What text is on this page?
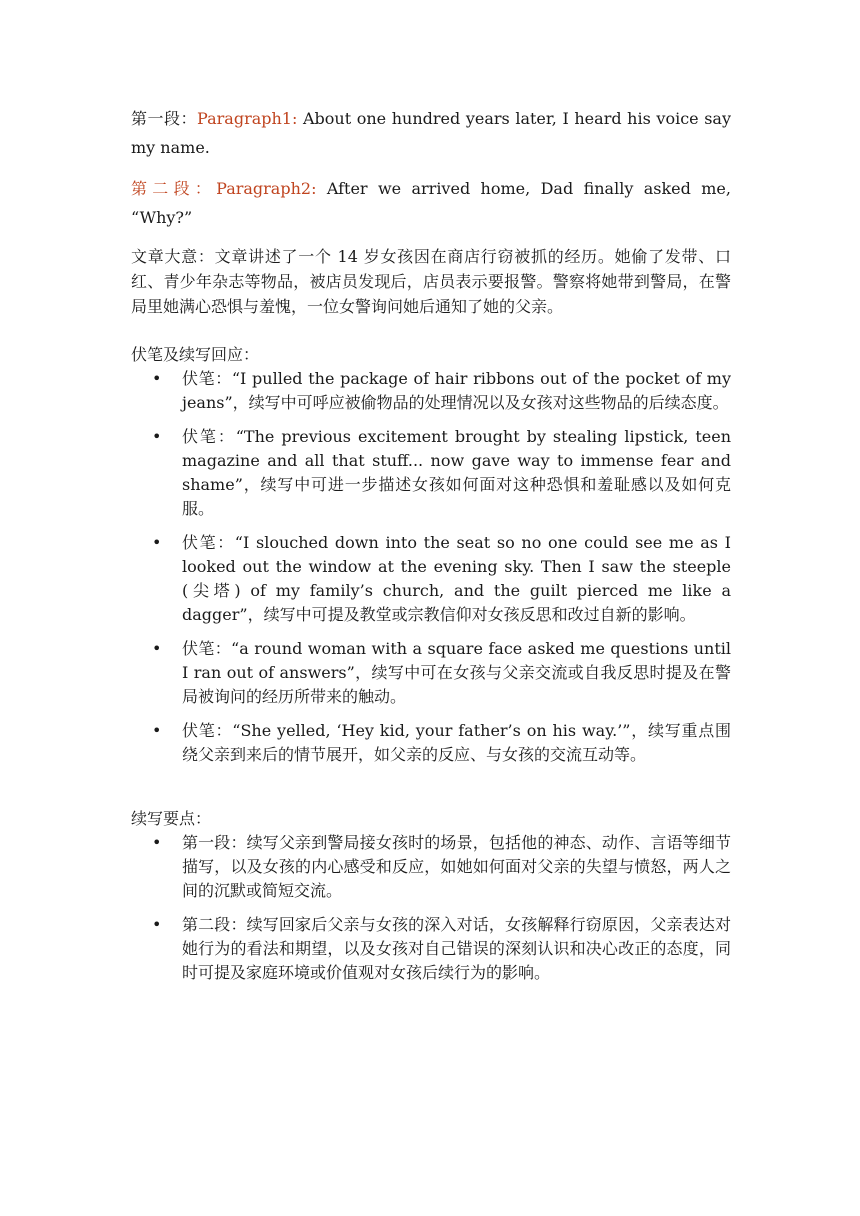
第一段：Paragraph1: About one hundred years later, I heard his voice say my name.

第二段：Paragraph2: After we arrived home, Dad finally asked me, “Why?”

文章大意：文章讲述了一个 14 岁女孩因在商店行窃被抓的经历。她偷了发带、口红、青少年杂志等物品，被店员发现后，店员表示要报警。警察将她带到警局，在警局里她满心恐惧与羞愧，一位女警询问她后通知了她的父亲。

伏笔及续写回应：

• 伏笔：“I pulled the package of hair ribbons out of the pocket of my jeans”，续写中可呼应被偷物品的处理情况以及女孩对这些物品的后续态度。
• 伏笔：“The previous excitement brought by stealing lipstick, teen magazine and all that stuff... now gave way to immense fear and shame”，续写中可进一步描述女孩如何面对这种恐惧和羞耻感以及如何克服。
• 伏笔：“I slouched down into the seat so no one could see me as I looked out the window at the evening sky. Then I saw the steeple (尖塔) of my family’s church, and the guilt pierced me like a dagger”，续写中可提及教堂或宗教信仰对女孩反思和改过自新的影响。
• 伏笔：“a round woman with a square face asked me questions until I ran out of answers”，续写中可在女孩与父亲交流或自我反思时提及在警局被询问的经历所带来的触动。
• 伏笔：“She yelled, ‘Hey kid, your father’s on his way.’”，续写重点围绕父亲到来后的情节展开，如父亲的反应、与女孩的交流互动等。

续写要点：

• 第一段：续写父亲到警局接女孩时的场景，包括他的神态、动作、言语等细节描写，以及女孩的内心感受和反应，如她如何面对父亲的失望与愤怒，两人之间的沉默或简短交流。
• 第二段：续写回家后父亲与女孩的深入对话，女孩解释行窃原因，父亲表达对她行为的看法和期望，以及女孩对自己错误的深刻认识和决心改正的态度，同时可提及家庭环境或价值观对女孩后续行为的影响。
